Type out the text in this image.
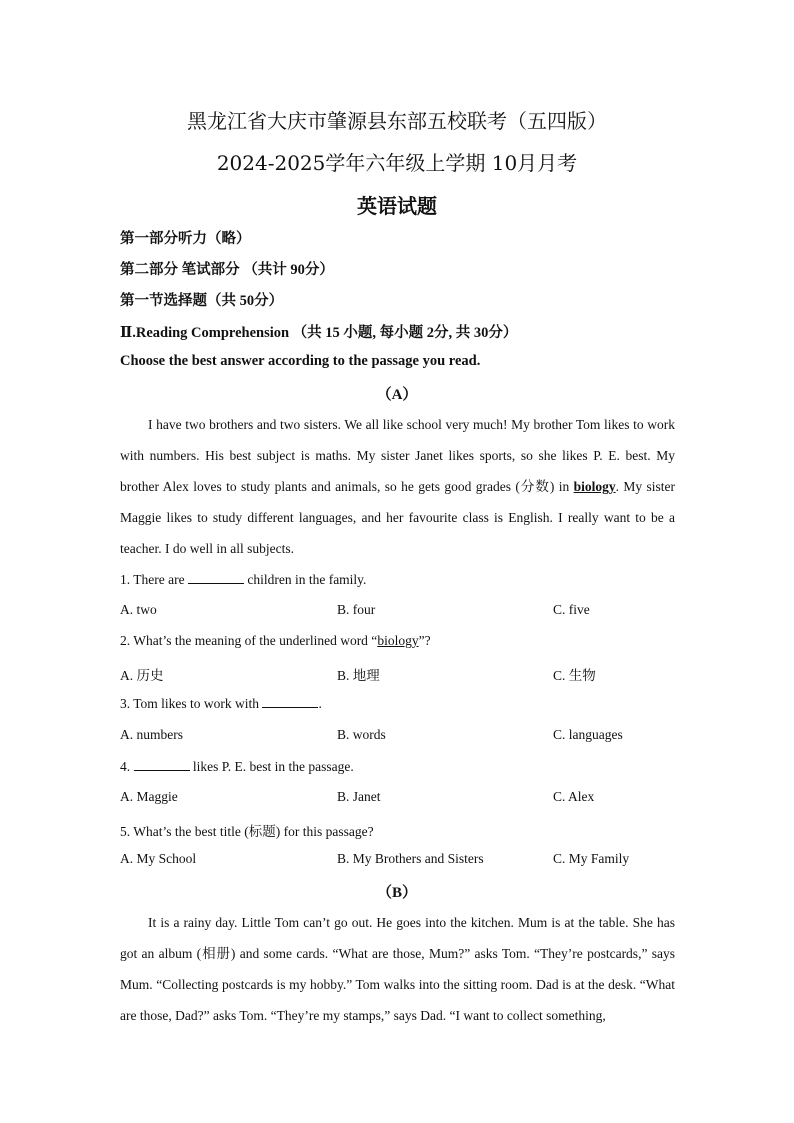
黑龙江省大庆市肇源县东部五校联考（五四版）
2024-2025学年六年级上学期 10月月考
英语试题
第一部分听力（略）
第二部分 笔试部分 （共计 90分）
第一节选择题（共 50分）
Ⅱ.Reading Comprehension （共 15 小题, 每小题 2分, 共 30分）
Choose the best answer according to the passage you read.
（A）

I have two brothers and two sisters. We all like school very much! My brother Tom likes to work with numbers. His best subject is maths. My sister Janet likes sports, so she likes P. E. best. My brother Alex loves to study plants and animals, so he gets good grades (分数) in biology. My sister Maggie likes to study different languages, and her favourite class is English. I really want to be a teacher. I do well in all subjects.

1. There are	children in the family.
A. two	B. four	C. five
2. What’s the meaning of the underlined word “biology”?
A. 历史	B. 地理	C. 生物
3. Tom likes to work with	.
A. numbers	B. words	C. languages
4.	likes P. E. best in the passage.
A. Maggie	B. Janet	C. Alex
5. What’s the best title (标题) for this passage?
A. My School	B. My Brothers and Sisters	C. My Family
（B）

It is a rainy day. Little Tom can’t go out. He goes into the kitchen. Mum is at the table. She has got an album (相册) and some cards. “What are those, Mum?” asks Tom. “They’re postcards,” says Mum. “Collecting postcards is my hobby.” Tom walks into the sitting room. Dad is at the desk. “What are those, Dad?” asks Tom. “They’re my stamps,” says Dad. “I want to collect something,
